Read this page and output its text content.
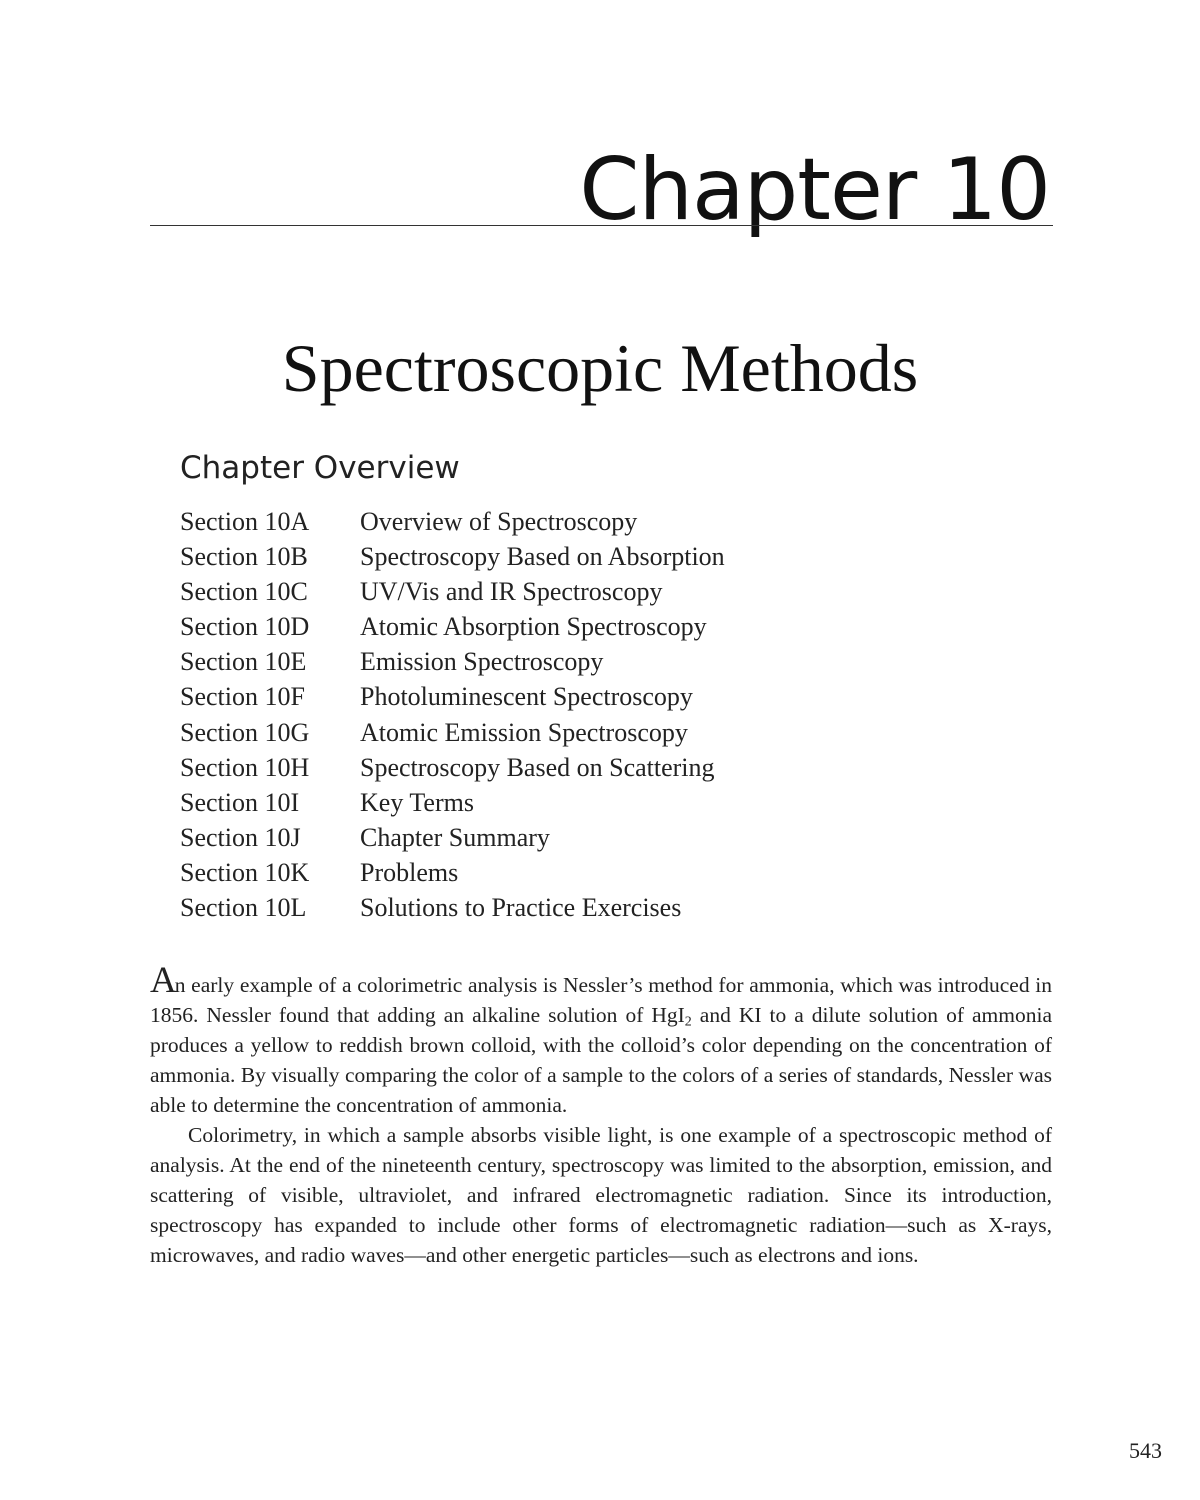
Chapter 10
Spectroscopic Methods
Chapter Overview
Section 10A	Overview of Spectroscopy
Section 10B	Spectroscopy Based on Absorption
Section 10C	UV/Vis and IR Spectroscopy
Section 10D	Atomic Absorption Spectroscopy
Section 10E	Emission Spectroscopy
Section 10F	Photoluminescent Spectroscopy
Section 10G	Atomic Emission Spectroscopy
Section 10H	Spectroscopy Based on Scattering
Section 10I	Key Terms
Section 10J	Chapter Summary
Section 10K	Problems
Section 10L	Solutions to Practice Exercises

An early example of a colorimetric analysis is Nessler’s method for ammonia, which was introduced in 1856. Nessler found that adding an alkaline solution of HgI$_2$ and KI to a dilute solution of ammonia produces a yellow to reddish brown colloid, with the colloid’s color depending on the concentration of ammonia. By visually comparing the color of a sample to the colors of a series of standards, Nessler was able to determine the concentration of ammonia.

Colorimetry, in which a sample absorbs visible light, is one example of a spectroscopic method of analysis. At the end of the nineteenth century, spectroscopy was limited to the absorption, emission, and scattering of visible, ultraviolet, and infrared electromagnetic radiation. Since its introduction, spectroscopy has expanded to include other forms of electromagnetic radiation—such as X-rays, microwaves, and radio waves—and other energetic particles—such as electrons and ions.

543
